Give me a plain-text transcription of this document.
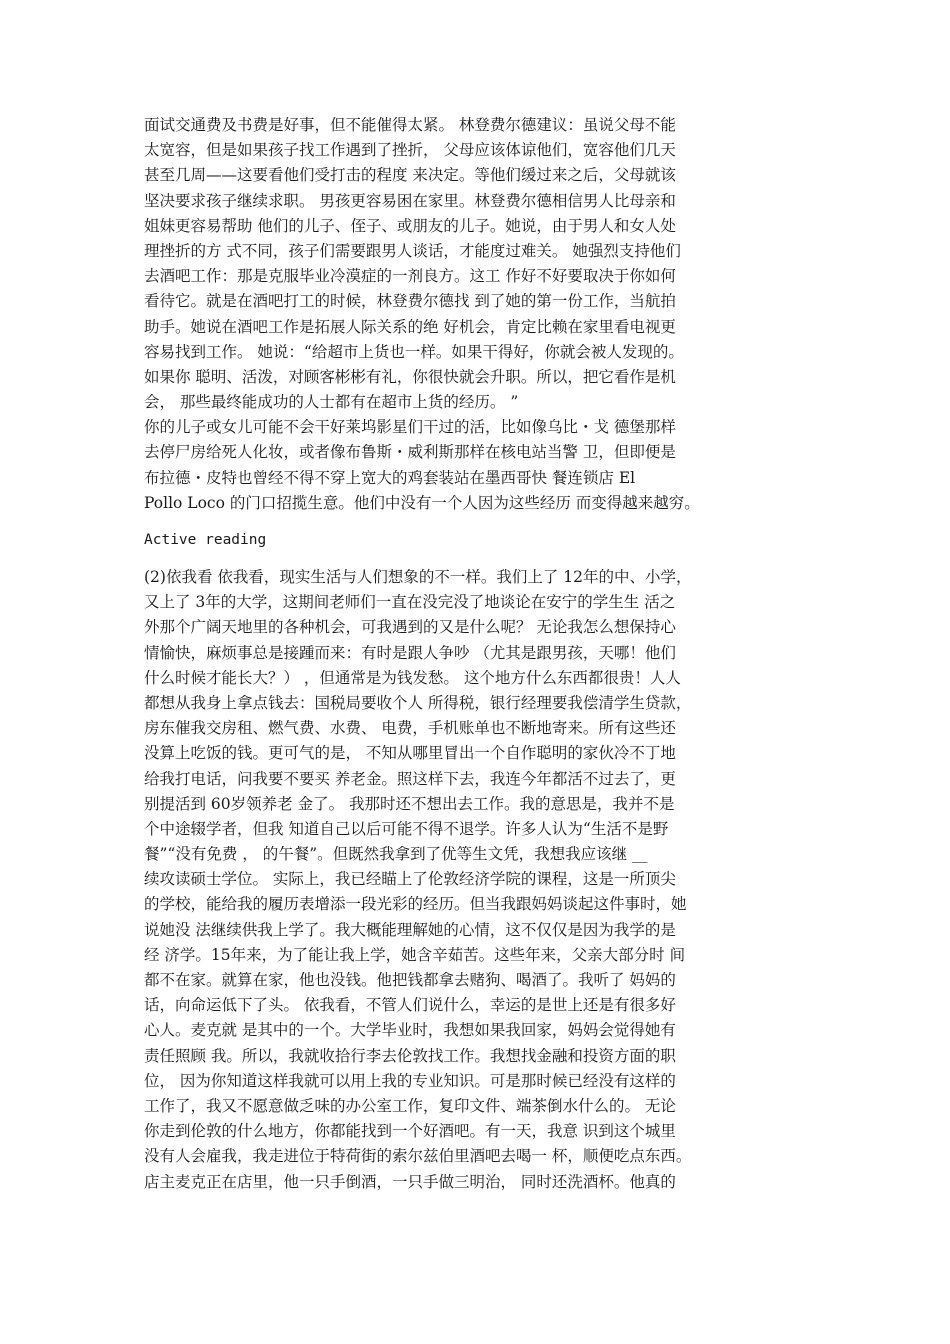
面试交通费及书费是好事，但不能催得太紧。 林登费尔德建议：虽说父母不能
太宽容，但是如果孩子找工作遇到了挫折， 父母应该体谅他们，宽容他们几天
甚至几周——这要看他们受打击的程度 来决定。等他们缓过来之后，父母就该
坚决要求孩子继续求职。 男孩更容易困在家里。林登费尔德相信男人比母亲和
姐妹更容易帮助 他们的儿子、侄子、或朋友的儿子。她说，由于男人和女人处
理挫折的方 式不同，孩子们需要跟男人谈话，才能度过难关。 她强烈支持他们
去酒吧工作：那是克服毕业冷漠症的一剂良方。这工 作好不好要取决于你如何
看待它。就是在酒吧打工的时候，林登费尔德找 到了她的第一份工作，当航拍
助手。她说在酒吧工作是拓展人际关系的绝 好机会，肯定比赖在家里看电视更
容易找到工作。 她说：“给超市上货也一样。如果干得好，你就会被人发现的。
如果你 聪明、活泼，对顾客彬彬有礼，你很快就会升职。所以，把它看作是机
会， 那些最终能成功的人士都有在超市上货的经历。 ”
你的儿子或女儿可能不会干好莱坞影星们干过的活，比如像乌比・戈 德堡那样
去停尸房给死人化妆，或者像布鲁斯・威利斯那样在核电站当警 卫，但即便是
布拉德・皮特也曾经不得不穿上宽大的鸡套装站在墨西哥快 餐连锁店 El
Pollo Loco 的门口招揽生意。他们中没有一个人因为这些经历 而变得越来越穷。
Active reading
(2)依我看 依我看，现实生活与人们想象的不一样。我们上了 12年的中、小学，
又上了 3年的大学，这期间老师们一直在没完没了地谈论在安宁的学生生 活之
外那个广阔天地里的各种机会，可我遇到的又是什么呢？ 无论我怎么想保持心
情愉快，麻烦事总是接踵而来：有时是跟人争吵 （尤其是跟男孩，天哪！他们
什么时候才能长大？） ，但通常是为钱发愁。 这个地方什么东西都很贵！人人
都想从我身上拿点钱去：国税局要收个人 所得税，银行经理要我偿清学生贷款，
房东催我交房租、燃气费、水费、 电费，手机账单也不断地寄来。所有这些还
没算上吃饭的钱。更可气的是， 不知从哪里冒出一个自作聪明的家伙冷不丁地
给我打电话，问我要不要买 养老金。照这样下去，我连今年都活不过去了，更
别提活到 60岁领养老 金了。 我那时还不想出去工作。我的意思是，我并不是
个中途辍学者，但我 知道自己以后可能不得不退学。许多人认为“生活不是野
餐”“没有免费 ， 的午餐”。但既然我拿到了优等生文凭，我想我应该继 __
续攻读硕士学位。 实际上，我已经瞄上了伦敦经济学院的课程，这是一所顶尖
的学校，能给我的履历表增添一段光彩的经历。但当我跟妈妈谈起这件事时，她
说她没 法继续供我上学了。我大概能理解她的心情，这不仅仅是因为我学的是
经 济学。15年来，为了能让我上学，她含辛茹苦。这些年来，父亲大部分时 间
都不在家。就算在家，他也没钱。他把钱都拿去赌狗、喝酒了。我听了 妈妈的
话，向命运低下了头。 依我看，不管人们说什么，幸运的是世上还是有很多好
心人。麦克就 是其中的一个。大学毕业时，我想如果我回家，妈妈会觉得她有
责任照顾 我。所以，我就收拾行李去伦敦找工作。我想找金融和投资方面的职
位， 因为你知道这样我就可以用上我的专业知识。可是那时候已经没有这样的
工作了，我又不愿意做乏味的办公室工作，复印文件、端茶倒水什么的。 无论
你走到伦敦的什么地方，你都能找到一个好酒吧。有一天，我意 识到这个城里
没有人会雇我，我走进位于特荷街的索尔兹伯里酒吧去喝一 杯，顺便吃点东西。
店主麦克正在店里，他一只手倒酒，一只手做三明治， 同时还洗酒杯。他真的
